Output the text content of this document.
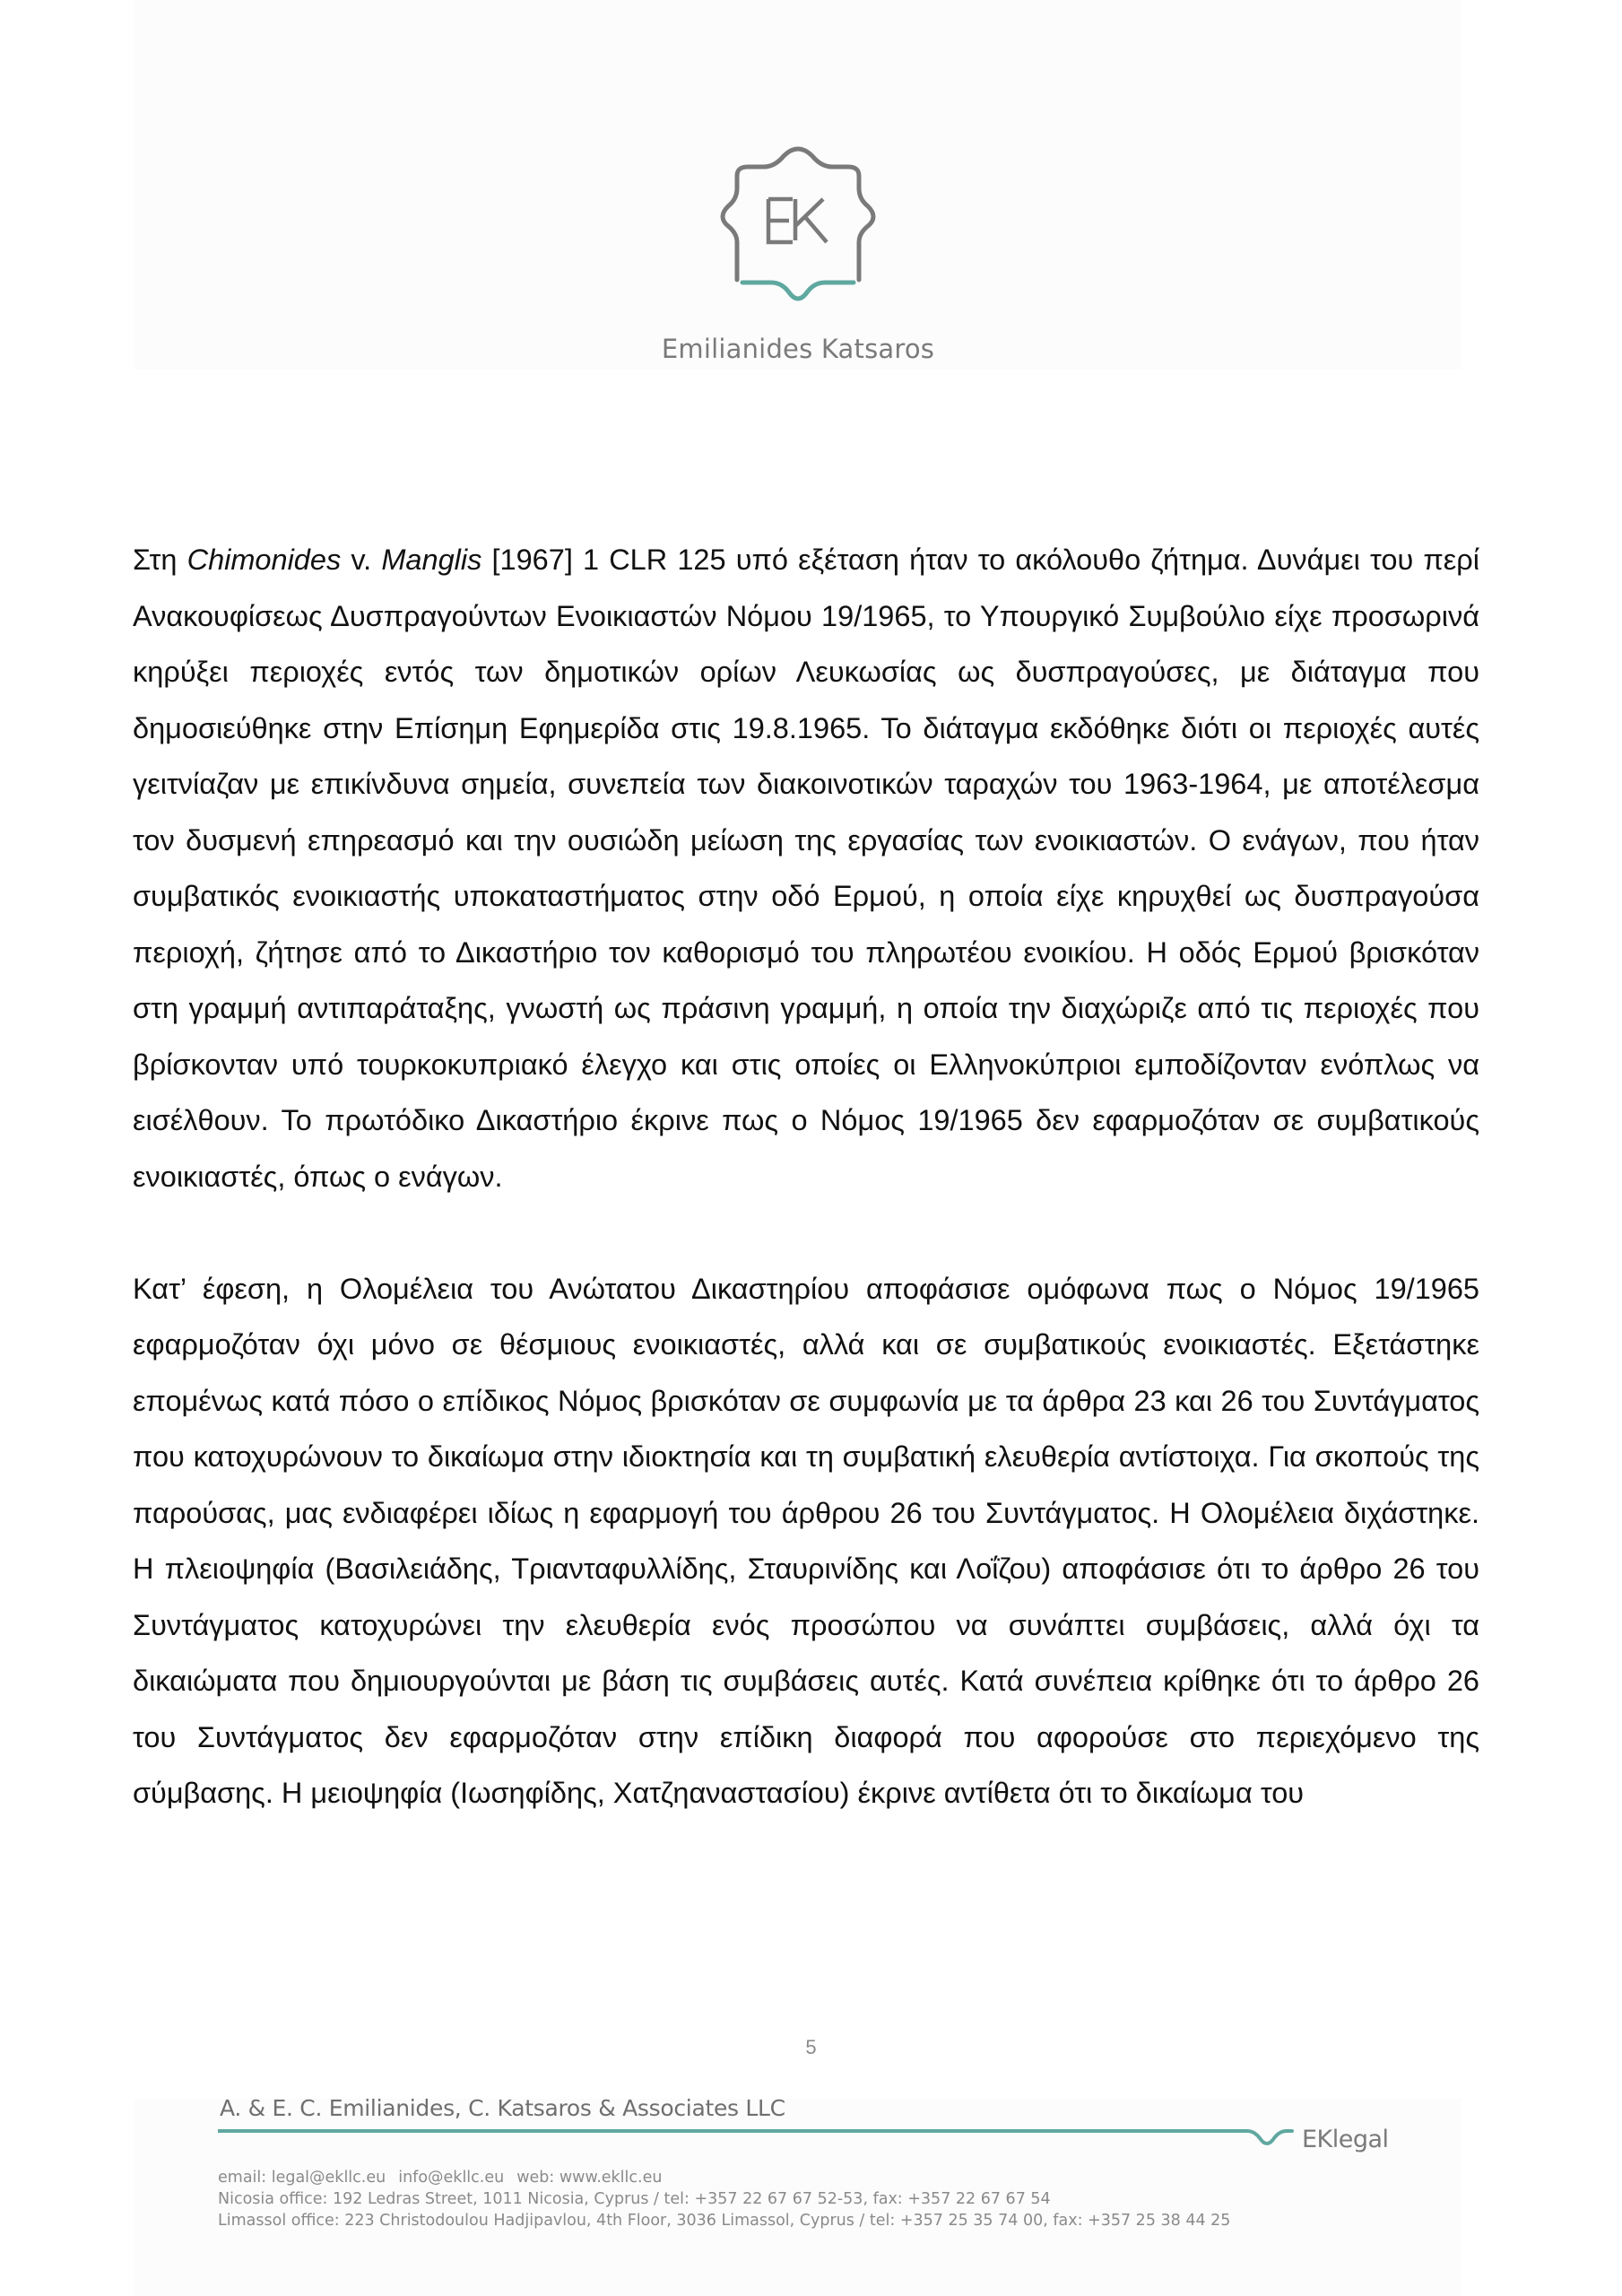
Emilianides Katsaros

Στη Chimonides v. Manglis [1967] 1 CLR 125 υπό εξέταση ήταν το ακόλουθο ζήτημα. Δυνάμει του περί Ανακουφίσεως Δυσπραγούντων Ενοικιαστών Νόμου 19/1965, το Υπουργικό Συμβούλιο είχε προσωρινά κηρύξει περιοχές εντός των δημοτικών ορίων Λευκωσίας ως δυσπραγούσες, με διάταγμα που δημοσιεύθηκε στην Επίσημη Εφημερίδα στις 19.8.1965. Το διάταγμα εκδόθηκε διότι οι περιοχές αυτές γειτνίαζαν με επικίνδυνα σημεία, συνεπεία των διακοινοτικών ταραχών του 1963-1964, με αποτέλεσμα τον δυσμενή επηρεασμό και την ουσιώδη μείωση της εργασίας των ενοικιαστών. Ο ενάγων, που ήταν συμβατικός ενοικιαστής υποκαταστήματος στην οδό Ερμού, η οποία είχε κηρυχθεί ως δυσπραγούσα περιοχή, ζήτησε από το Δικαστήριο τον καθορισμό του πληρωτέου ενοικίου. Η οδός Ερμού βρισκόταν στη γραμμή αντιπαράταξης, γνωστή ως πράσινη γραμμή, η οποία την διαχώριζε από τις περιοχές που βρίσκονταν υπό τουρκοκυπριακό έλεγχο και στις οποίες οι Ελληνοκύπριοι εμποδίζονταν ενόπλως να εισέλθουν. Το πρωτόδικο Δικαστήριο έκρινε πως ο Νόμος 19/1965 δεν εφαρμοζόταν σε συμβατικούς ενοικιαστές, όπως ο ενάγων.

Κατ’ έφεση, η Ολομέλεια του Ανώτατου Δικαστηρίου αποφάσισε ομόφωνα πως ο Νόμος 19/1965 εφαρμοζόταν όχι μόνο σε θέσμιους ενοικιαστές, αλλά και σε συμβατικούς ενοικιαστές. Εξετάστηκε επομένως κατά πόσο ο επίδικος Νόμος βρισκόταν σε συμφωνία με τα άρθρα 23 και 26 του Συντάγματος που κατοχυρώνουν το δικαίωμα στην ιδιοκτησία και τη συμβατική ελευθερία αντίστοιχα. Για σκοπούς της παρούσας, μας ενδιαφέρει ιδίως η εφαρμογή του άρθρου 26 του Συντάγματος. Η Ολομέλεια διχάστηκε. Η πλειοψηφία (Βασιλειάδης, Τριανταφυλλίδης, Σταυρινίδης και Λοΐζου) αποφάσισε ότι το άρθρο 26 του Συντάγματος κατοχυρώνει την ελευθερία ενός προσώπου να συνάπτει συμβάσεις, αλλά όχι τα δικαιώματα που δημιουργούνται με βάση τις συμβάσεις αυτές. Κατά συνέπεια κρίθηκε ότι το άρθρο 26 του Συντάγματος δεν εφαρμοζόταν στην επίδικη διαφορά που αφορούσε στο περιεχόμενο της σύμβασης. Η μειοψηφία (Ιωσηφίδης, Χατζηαναστασίου) έκρινε αντίθετα ότι το δικαίωμα του

5
A. & E. C. Emilianides, C. Katsaros & Associates LLC
EKlegal
email: legal@ekllc.eu info@ekllc.eu web: www.ekllc.eu
Nicosia office: 192 Ledras Street, 1011 Nicosia, Cyprus / tel: +357 22 67 67 52-53, fax: +357 22 67 67 54
Limassol office: 223 Christodoulou Hadjipavlou, 4th Floor, 3036 Limassol, Cyprus / tel: +357 25 35 74 00, fax: +357 25 38 44 25
